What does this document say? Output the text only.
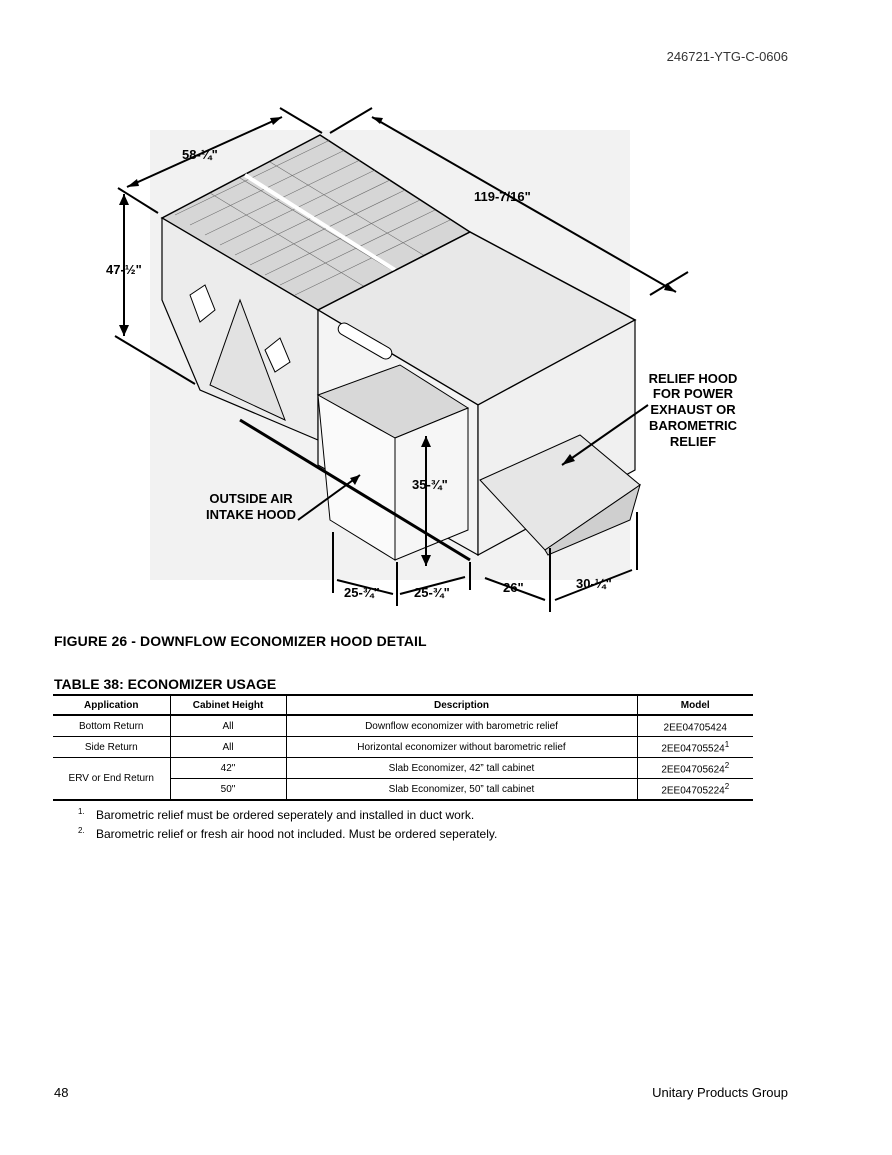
246721-YTG-C-0606
58-¼"
119-7/16"
47-½"
35-¾"
25-¾"	25-¾"	26"	30-¼"
RELIEF HOOD
FOR POWER
EXHAUST OR
BAROMETRIC
RELIEF
OUTSIDE AIR
INTAKE HOOD
FIGURE 26 - DOWNFLOW ECONOMIZER HOOD DETAIL
TABLE 38: ECONOMIZER USAGE
Application	Cabinet Height	Description	Model
Bottom Return	All	Downflow economizer with barometric relief	2EE04705424
Side Return	All	Horizontal economizer without barometric relief	2EE04705524$^1$
ERV or End Return	42"	Slab Economizer, 42” tall cabinet	2EE04705624$^2$
	50"	Slab Economizer, 50” tall cabinet	2EE04705224$^2$
1. Barometric relief must be ordered seperately and installed in duct work.
2. Barometric relief or fresh air hood not included. Must be ordered seperately.
48	Unitary Products Group
